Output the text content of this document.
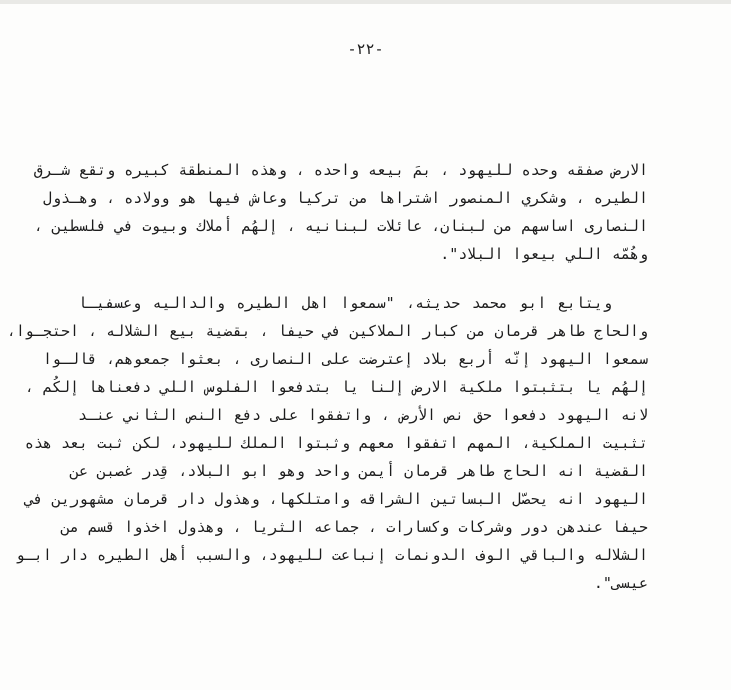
-٢٢-
الارض صفقه وحده لليهود ، بمَ بيعه واحده ، وهذه المنطقة كبيره وتقع شـرق
الطيره ، وشكري المنصور اشتراها من تركيا وعاش فيها هو وولاده ، وهـذول
النصارى اساسهم من لبنان، عائلات لبنانيه ، إلهُم أملاك وبيوت في فلسطين ،
وهُمّه اللي بيعوا البلاد".
ويتابع ابو محمد حديثه، "سمعوا اهل الطيره والداليه وعسفيـا
والحاج طاهر قرمان من كبار الملاكين في حيفا ، بقضية بيع الشلاله ، احتجـوا،
سمعوا اليهود إنّه أربع بلاد إعترضت على النصارى ، بعثوا جمعوهم، قالـوا
إلهُم يا بتثبتوا ملكية الارض إلنا يا بتدفعوا الفلوس اللي دفعناها إلكُم ،
لانه اليهود دفعوا حق نص الأرض ، واتفقوا على دفع النص الثاني عنـد
تثبيت الملكية، المهم اتفقوا معهم وثبتوا الملك لليهود، لكن ثبت بعد هذه
القضية انه الحاج طاهر قرمان أيمن واحد وهو ابو البلاد، قِدر غصبن عن
اليهود انه يحصّل البساتين الشراقه وامتلكها، وهذول دار قرمان مشهورين في
حيفا عندهن دور وشركات وكسارات ، جماعه الثريا ، وهذول اخذوا قسم من
الشلاله والباقي الوف الدونمات إنباعت لليهود، والسبب أهل الطيره دار ابـو
عيسى".
